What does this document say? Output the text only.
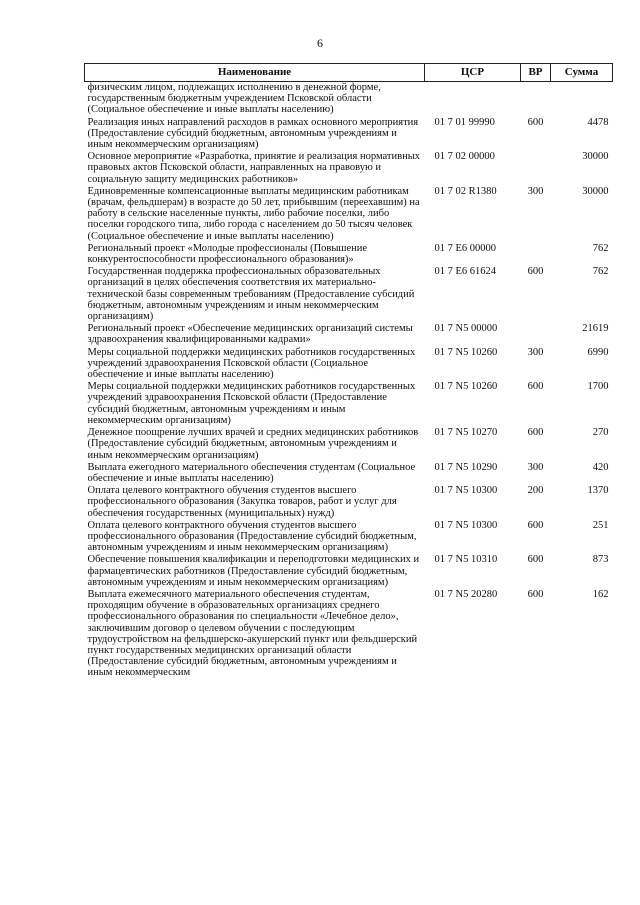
6
Наименование	ЦСР	ВР	Сумма
физическим лицом, подлежащих исполнению в денежной форме, государственным бюджетным учреждением Псковской области (Социальное обеспечение и иные выплаты населению)			
Реализация иных направлений расходов в рамках основного мероприятия (Предоставление субсидий бюджетным, автономным учреждениям и иным некоммерческим организациям)	01 7 01 99990	600	4478
Основное мероприятие «Разработка, принятие и реализация нормативных правовых актов Псковской области, направленных на правовую и социальную защиту медицинских работников»	01 7 02 00000		30000
Единовременные компенсационные выплаты медицинским работникам (врачам, фельдшерам) в возрасте до 50 лет, прибывшим (переехавшим) на работу в сельские населенные пункты, либо рабочие поселки, либо поселки городского типа, либо города с населением до 50 тысяч человек (Социальное обеспечение и иные выплаты населению)	01 7 02 R1380	300	30000
Региональный проект «Молодые профессионалы (Повышение конкурентоспособности профессионального образования)»	01 7 E6 00000		762
Государственная поддержка профессиональных образовательных организаций в целях обеспечения соответствия их материально-технической базы современным требованиям (Предоставление субсидий бюджетным, автономным учреждениям и иным некоммерческим организациям)	01 7 E6 61624	600	762
Региональный проект «Обеспечение медицинских организаций системы здравоохранения квалифицированными кадрами»	01 7 N5 00000		21619
Меры социальной поддержки медицинских работников государственных учреждений здравоохранения Псковской области (Социальное обеспечение и иные выплаты населению)	01 7 N5 10260	300	6990
Меры социальной поддержки медицинских работников государственных учреждений здравоохранения Псковской области (Предоставление субсидий бюджетным, автономным учреждениям и иным некоммерческим организациям)	01 7 N5 10260	600	1700
Денежное поощрение лучших врачей и средних медицинских работников (Предоставление субсидий бюджетным, автономным учреждениям и иным некоммерческим организациям)	01 7 N5 10270	600	270
Выплата ежегодного материального обеспечения студентам (Социальное обеспечение и иные выплаты населению)	01 7 N5 10290	300	420
Оплата целевого контрактного обучения студентов высшего профессионального образования (Закупка товаров, работ и услуг для обеспечения государственных (муниципальных) нужд)	01 7 N5 10300	200	1370
Оплата целевого контрактного обучения студентов высшего профессионального образования (Предоставление субсидий бюджетным, автономным учреждениям и иным некоммерческим организациям)	01 7 N5 10300	600	251
Обеспечение повышения квалификации и переподготовки медицинских и фармацевтических работников (Предоставление субсидий бюджетным, автономным учреждениям и иным некоммерческим организациям)	01 7 N5 10310	600	873
Выплата ежемесячного материального обеспечения студентам, проходящим обучение в образовательных организациях среднего профессионального образования по специальности «Лечебное дело», заключившим договор о целевом обучении с последующим трудоустройством на фельдшерско-акушерский пункт или фельдшерский пункт государственных медицинских организаций области (Предоставление субсидий бюджетным, автономным учреждениям и иным некоммерческим	01 7 N5 20280	600	162
